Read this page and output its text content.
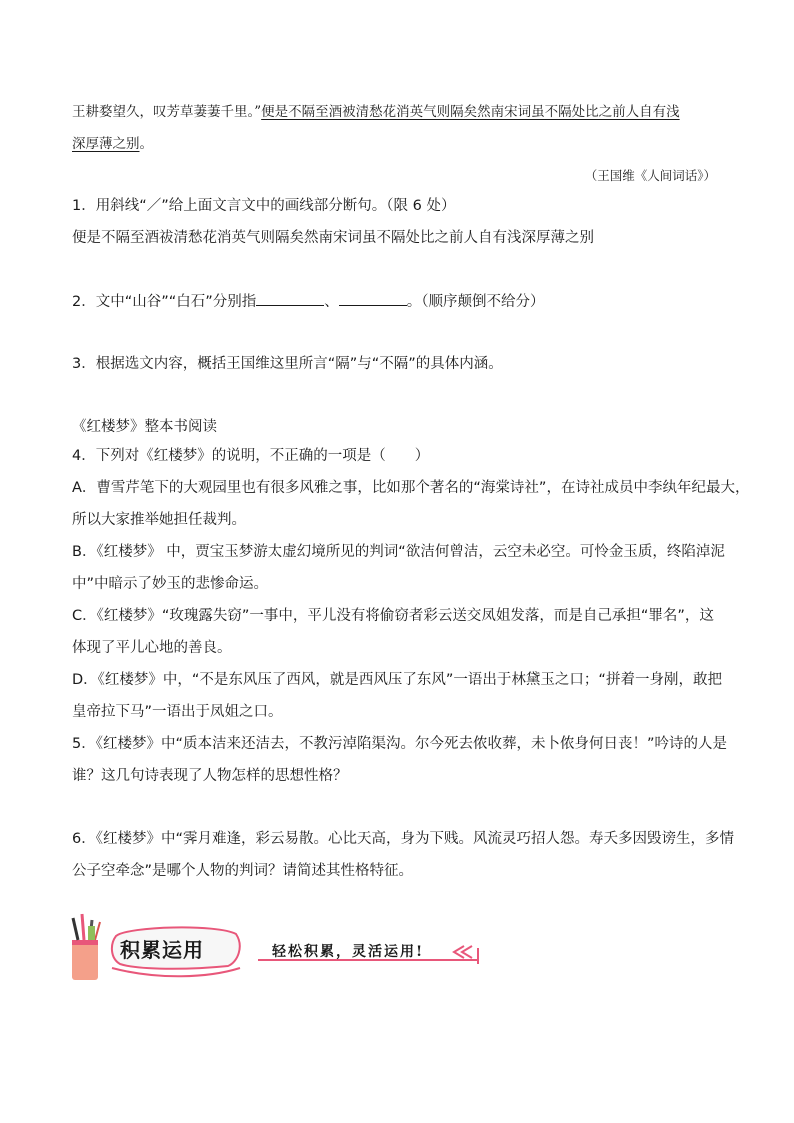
王耕婺望久，叹芳草萋萋千里。”便是不隔至酒被清愁花消英气则隔矣然南宋词虽不隔处比之前人自有浅
深厚薄之别。
（王国维《人间词话》）
1．用斜线“／”给上面文言文中的画线部分断句。（限 6 处）
便是不隔至酒祓清愁花消英气则隔矣然南宋词虽不隔处比之前人自有浅深厚薄之别
2．文中“山谷”“白石”分别指	、	。（顺序颠倒不给分）
3．根据选文内容，概括王国维这里所言“隔”与“不隔”的具体内涵。
《红楼梦》整本书阅读
4．下列对《红楼梦》的说明，不正确的一项是（　　）
A．曹雪芹笔下的大观园里也有很多风雅之事，比如那个著名的“海棠诗社”，在诗社成员中李纨年纪最大，
所以大家推举她担任裁判。
B．《红楼梦》 中，贾宝玉梦游太虚幻境所见的判词“欲洁何曾洁，云空未必空。可怜金玉质，终陷淖泥
中”中暗示了妙玉的悲惨命运。
C．《红楼梦》“玫瑰露失窃”一事中，平儿没有将偷窃者彩云送交凤姐发落，而是自己承担“罪名”，这
体现了平儿心地的善良。
D．《红楼梦》中，“不是东风压了西风，就是西风压了东风”一语出于林黛玉之口；“拼着一身剐，敢把
皇帝拉下马”一语出于凤姐之口。
5．《红楼梦》中“质本洁来还洁去，不教污淖陷渠沟。尔今死去侬收葬，未卜侬身何日丧！”吟诗的人是
谁？这几句诗表现了人物怎样的思想性格？
6．《红楼梦》中“霁月难逢，彩云易散。心比天高，身为下贱。风流灵巧招人怨。寿夭多因毁谤生，多情
公子空牵念”是哪个人物的判词？请简述其性格特征。
积累运用	轻松积累，灵活运用!
